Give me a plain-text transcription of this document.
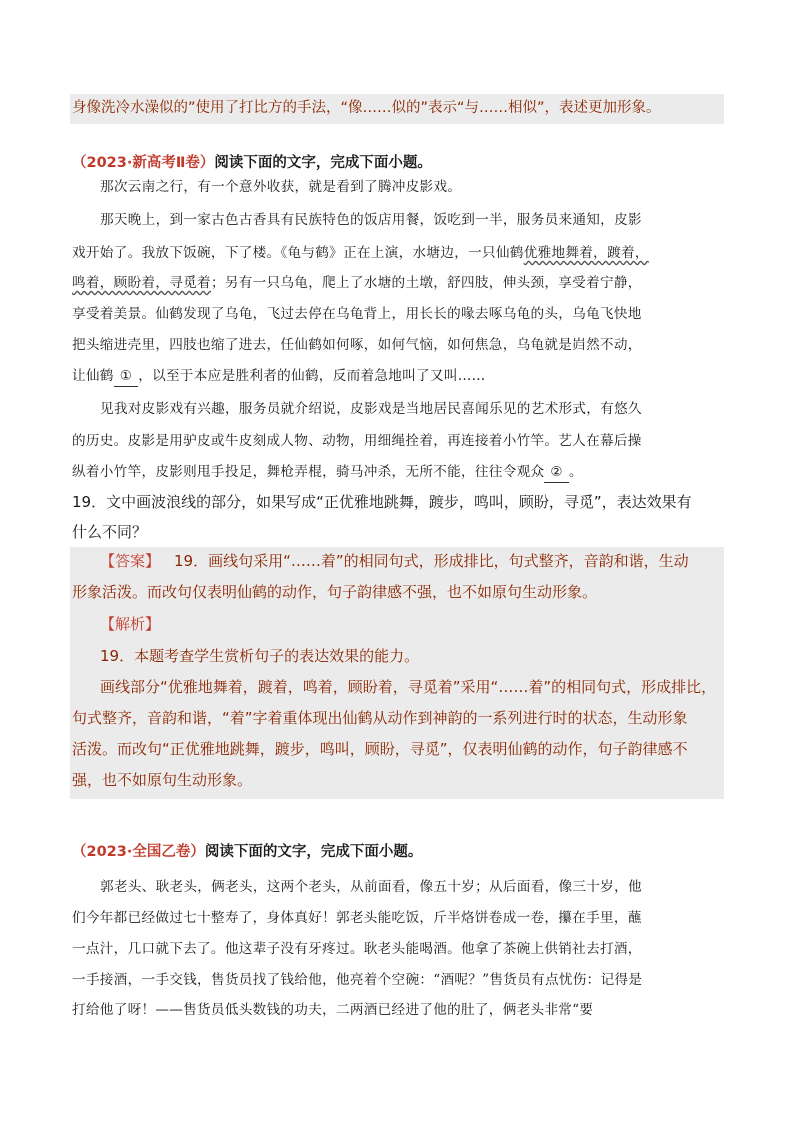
身像洗冷水澡似的”使用了打比方的手法，“像……似的”表示“与……相似”，表述更加形象。
（2023·新高考Ⅱ卷）阅读下面的文字，完成下面小题。
那次云南之行，有一个意外收获，就是看到了腾冲皮影戏。
那天晚上，到一家古色古香具有民族特色的饭店用餐，饭吃到一半，服务员来通知，皮影
戏开始了。我放下饭碗，下了楼。《龟与鹤》正在上演，水塘边，一只仙鹤优雅地舞着，踱着，
鸣着，顾盼着，寻觅着；另有一只乌龟，爬上了水塘的土墩，舒四肢，伸头颈，享受着宁静，
享受着美景。仙鹤发现了乌龟，飞过去停在乌龟背上，用长长的喙去啄乌龟的头，乌龟飞快地
把头缩进壳里，四肢也缩了进去，任仙鹤如何啄，如何气恼，如何焦急，乌龟就是岿然不动，
让仙鹤 ① ，以至于本应是胜利者的仙鹤，反而着急地叫了又叫……
见我对皮影戏有兴趣，服务员就介绍说，皮影戏是当地居民喜闻乐见的艺术形式，有悠久
的历史。皮影是用驴皮或牛皮刻成人物、动物，用细绳拴着，再连接着小竹竿。艺人在幕后操
纵着小竹竿，皮影则甩手投足，舞枪弄棍，骑马冲杀，无所不能，往往令观众 ② 。
19．文中画波浪线的部分，如果写成“正优雅地跳舞，踱步，鸣叫，顾盼，寻觅”，表达效果有
什么不同？
【答案】 19．画线句采用“……着”的相同句式，形成排比，句式整齐，音韵和谐，生动
形象活泼。而改句仅表明仙鹤的动作，句子韵律感不强，也不如原句生动形象。
【解析】
19．本题考查学生赏析句子的表达效果的能力。
画线部分“优雅地舞着，踱着，鸣着，顾盼着，寻觅着”采用“……着”的相同句式，形成排比，
句式整齐，音韵和谐，“着”字着重体现出仙鹤从动作到神韵的一系列进行时的状态，生动形象
活泼。而改句“正优雅地跳舞，踱步，鸣叫，顾盼，寻觅”，仅表明仙鹤的动作，句子韵律感不
强，也不如原句生动形象。
（2023·全国乙卷）阅读下面的文字，完成下面小题。
郭老头、耿老头，俩老头，这两个老头，从前面看，像五十岁；从后面看，像三十岁，他
们今年都已经做过七十整寿了，身体真好！郭老头能吃饭，斤半烙饼卷成一卷，攥在手里，蘸
一点汁，几口就下去了。他这辈子没有牙疼过。耿老头能喝酒。他拿了茶碗上供销社去打酒，
一手接酒，一手交钱，售货员找了钱给他，他亮着个空碗：“酒呢？”售货员有点忧伤：记得是
打给他了呀！——售货员低头数钱的功夫，二两酒已经进了他的肚了，俩老头非常“要
